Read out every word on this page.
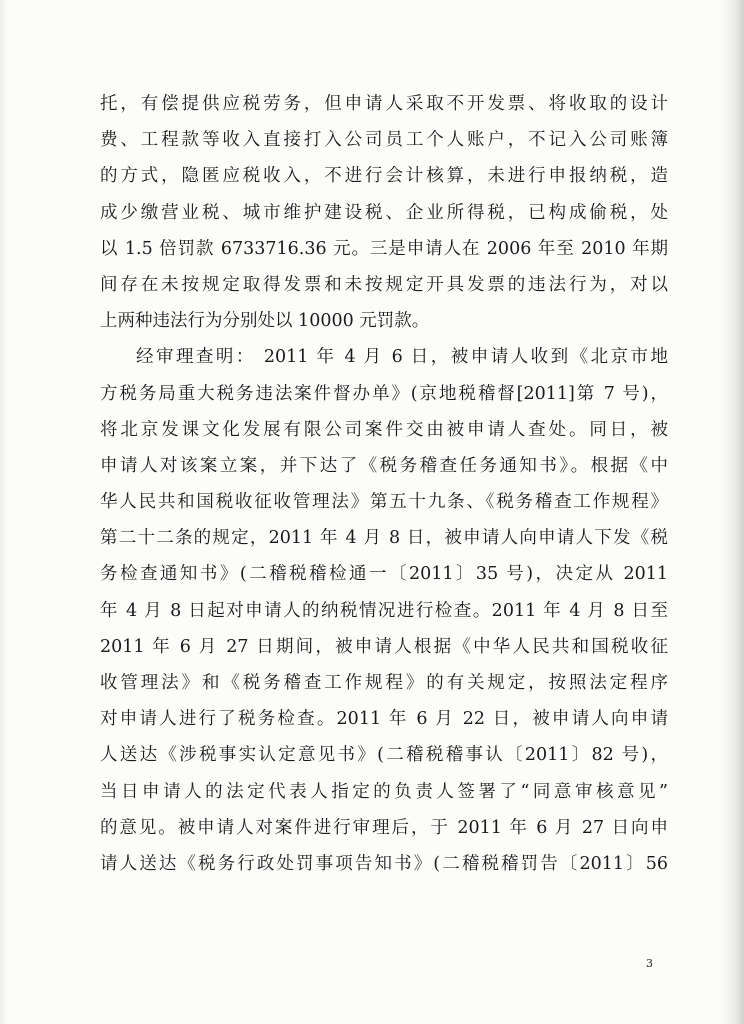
托，有偿提供应税劳务，但申请人采取不开发票、将收取的设计
费、工程款等收入直接打入公司员工个人账户，不记入公司账簿
的方式，隐匿应税收入，不进行会计核算，未进行申报纳税，造
成少缴营业税、城市维护建设税、企业所得税，已构成偷税，处
以 1.5 倍罚款 6733716.36 元。三是申请人在 2006 年至 2010 年期
间存在未按规定取得发票和未按规定开具发票的违法行为，对以
上两种违法行为分别处以 10000 元罚款。
经审理查明： 2011 年 4 月 6 日，被申请人收到《北京市地
方税务局重大税务违法案件督办单》(京地税稽督[2011]第 7 号)，
将北京发课文化发展有限公司案件交由被申请人查处。同日，被
申请人对该案立案，并下达了《税务稽查任务通知书》。根据《中
华人民共和国税收征收管理法》第五十九条、《税务稽查工作规程》
第二十二条的规定，2011 年 4 月 8 日，被申请人向申请人下发《税
务检查通知书》(二稽税稽检通一〔2011〕35 号)，决定从 2011
年 4 月 8 日起对申请人的纳税情况进行检查。2011 年 4 月 8 日至
2011 年 6 月 27 日期间，被申请人根据《中华人民共和国税收征
收管理法》和《税务稽查工作规程》的有关规定，按照法定程序
对申请人进行了税务检查。2011 年 6 月 22 日，被申请人向申请
人送达《涉税事实认定意见书》(二稽税稽事认〔2011〕82 号)，
当日申请人的法定代表人指定的负责人签署了“同意审核意见”
的意见。被申请人对案件进行审理后，于 2011 年 6 月 27 日向申
请人送达《税务行政处罚事项告知书》(二稽税稽罚告〔2011〕56
3
